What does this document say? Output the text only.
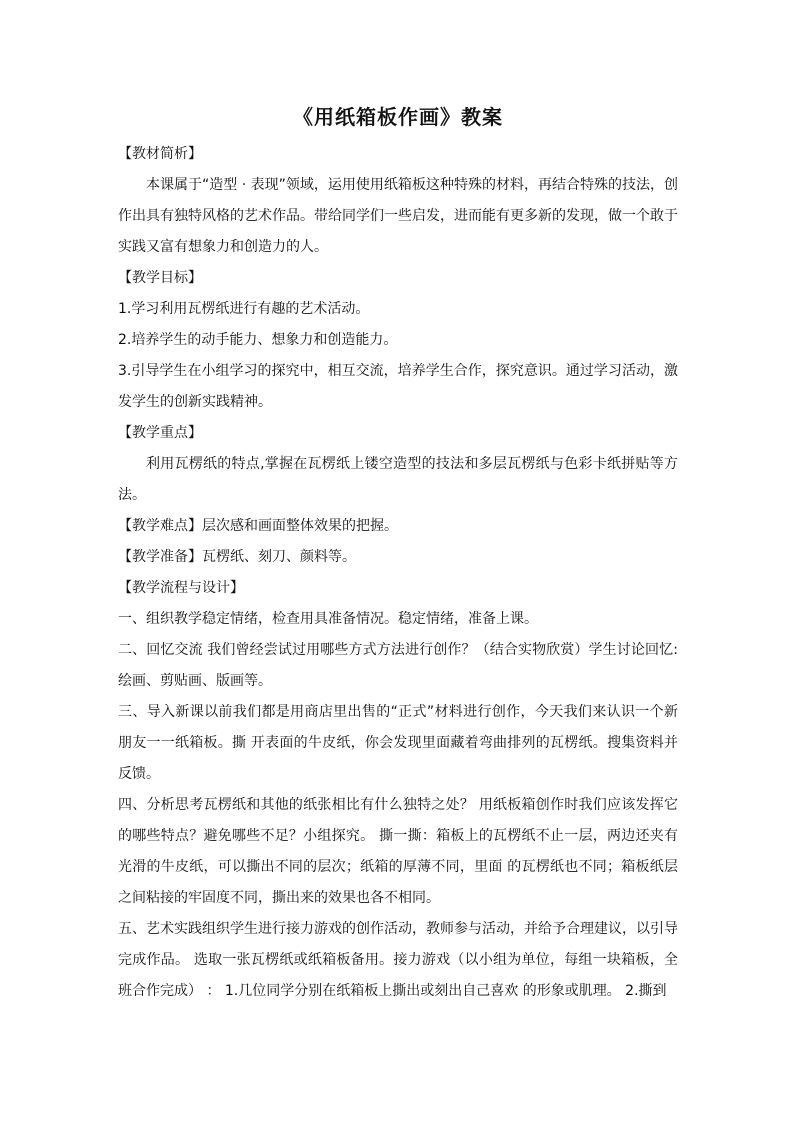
《用纸箱板作画》教案
【教材简析】
本课属于“造型 · 表现”领域，运用使用纸箱板这种特殊的材料，再结合特殊的技法，创作出具有独特风格的艺术作品。带给同学们一些启发，进而能有更多新的发现，做一个敢于实践又富有想象力和创造力的人。
【教学目标】
1.学习利用瓦楞纸进行有趣的艺术活动。
2.培养学生的动手能力、想象力和创造能力。
3.引导学生在小组学习的探究中，相互交流，培养学生合作，探究意识。通过学习活动，激发学生的创新实践精神。
【教学重点】
利用瓦楞纸的特点,掌握在瓦楞纸上镂空造型的技法和多层瓦楞纸与色彩卡纸拼贴等方法。
【教学难点】层次感和画面整体效果的把握。
【教学准备】瓦楞纸、刻刀、颜料等。
【教学流程与设计】
一、组织教学稳定情绪，检查用具准备情况。稳定情绪，准备上课。
二、回忆交流 我们曾经尝试过用哪些方式方法进行创作？（结合实物欣赏）学生讨论回忆:绘画、剪贴画、版画等。
三、导入新课以前我们都是用商店里出售的“正式”材料进行创作，今天我们来认识一个新朋友一一纸箱板。撕 开表面的牛皮纸，你会发现里面藏着弯曲排列的瓦楞纸。搜集资料并反馈。
四、分析思考瓦楞纸和其他的纸张相比有什么独特之处？ 用纸板箱创作时我们应该发挥它的哪些特点？避免哪些不足？小组探究。 撕一撕：箱板上的瓦楞纸不止一层，两边还夹有光滑的牛皮纸，可以撕出不同的层次；纸箱的厚薄不同，里面 的瓦楞纸也不同；箱板纸层之间粘接的牢固度不同，撕出来的效果也各不相同。
五、艺术实践组织学生进行接力游戏的创作活动，教师参与活动，并给予合理建议，以引导完成作品。 选取一张瓦楞纸或纸箱板备用。接力游戏（以小组为单位，每组一块箱板，全班合作完成） ： 1.几位同学分别在纸箱板上撕出或刻出自己喜欢 的形象或肌理。 2.撕到
